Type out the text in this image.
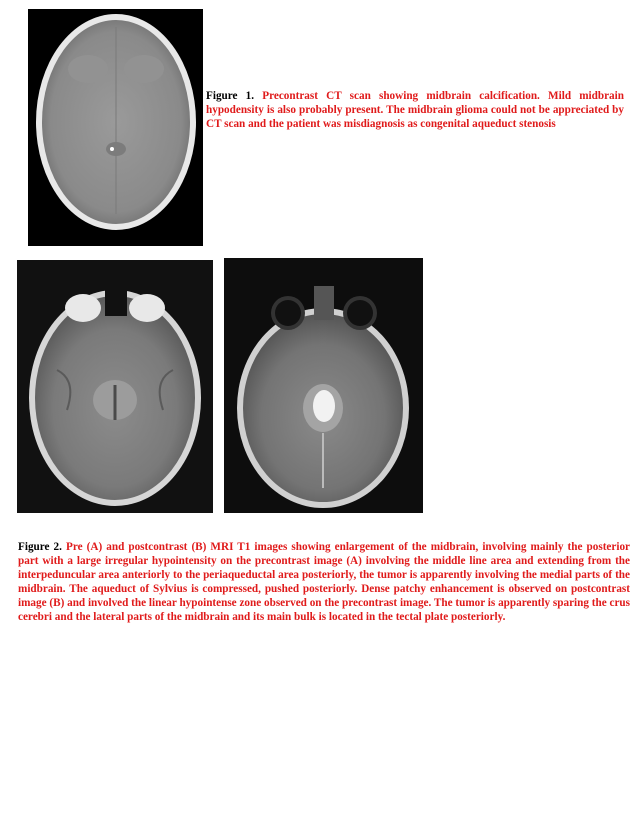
Figure 1. Precontrast CT scan showing midbrain calcification. Mild midbrain hypodensity is also probably present. The midbrain glioma could not be appreciated by CT scan and the patient was misdiagnosis as congenital aqueduct stenosis
Figure 2. Pre (A) and postcontrast (B) MRI T1 images showing enlargement of the midbrain, involving mainly the posterior part with a large irregular hypointensity on the precontrast image (A) involving the middle line area and extending from the interpeduncular area anteriorly to the periaqueductal area posteriorly, the tumor is apparently involving the medial parts of the midbrain. The aqueduct of Sylvius is compressed, pushed posteriorly. Dense patchy enhancement is observed on postcontrast image (B) and involved the linear hypointense zone observed on the precontrast image. The tumor is apparently sparing the crus cerebri and the lateral parts of the midbrain and its main bulk is located in the tectal plate posteriorly.
